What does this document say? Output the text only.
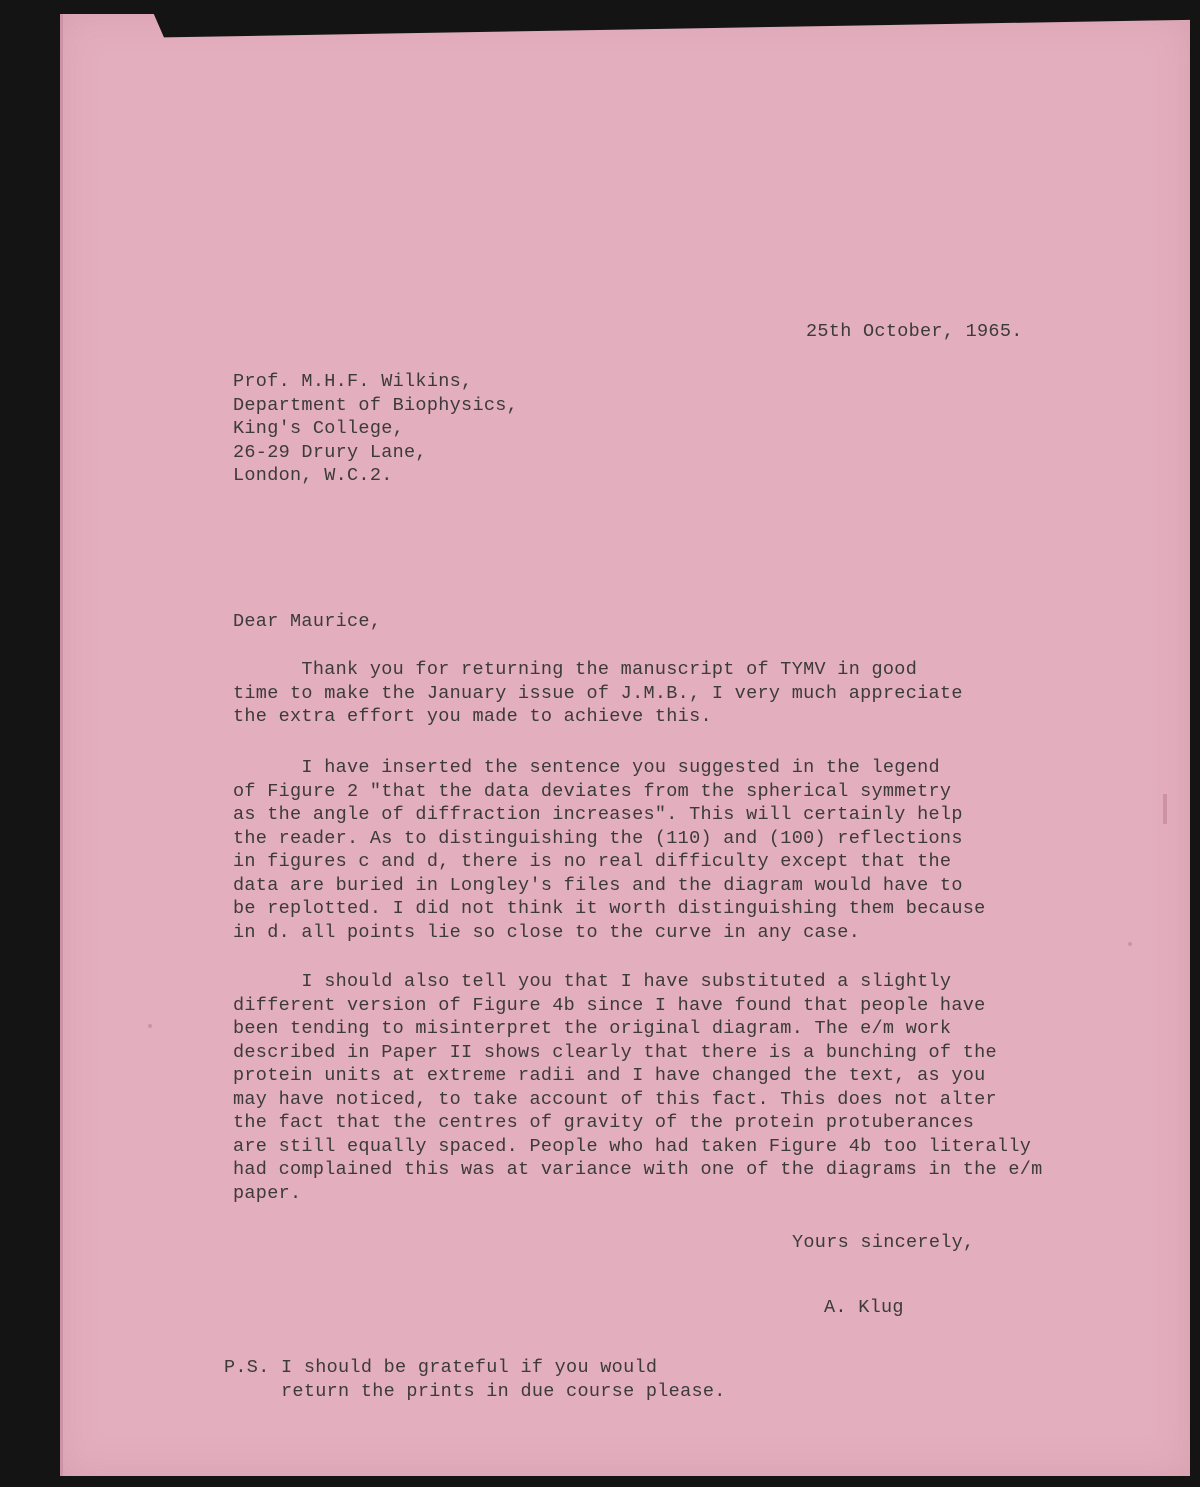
25th October, 1965.
Prof. M.H.F. Wilkins,
Department of Biophysics,
King's College,
26-29 Drury Lane,
London, W.C.2.
Dear Maurice,
Thank you for returning the manuscript of TYMV in good
time to make the January issue of J.M.B., I very much appreciate
the extra effort you made to achieve this.
I have inserted the sentence you suggested in the legend
of Figure 2 "that the data deviates from the spherical symmetry
as the angle of diffraction increases". This will certainly help
the reader. As to distinguishing the (110) and (100) reflections
in figures c and d, there is no real difficulty except that the
data are buried in Longley's files and the diagram would have to
be replotted. I did not think it worth distinguishing them because
in d. all points lie so close to the curve in any case.
I should also tell you that I have substituted a slightly
different version of Figure 4b since I have found that people have
been tending to misinterpret the original diagram. The e/m work
described in Paper II shows clearly that there is a bunching of the
protein units at extreme radii and I have changed the text, as you
may have noticed, to take account of this fact. This does not alter
the fact that the centres of gravity of the protein protuberances
are still equally spaced. People who had taken Figure 4b too literally
had complained this was at variance with one of the diagrams in the e/m
paper.
Yours sincerely,
A. Klug
P.S. I should be grateful if you would
return the prints in due course please.
